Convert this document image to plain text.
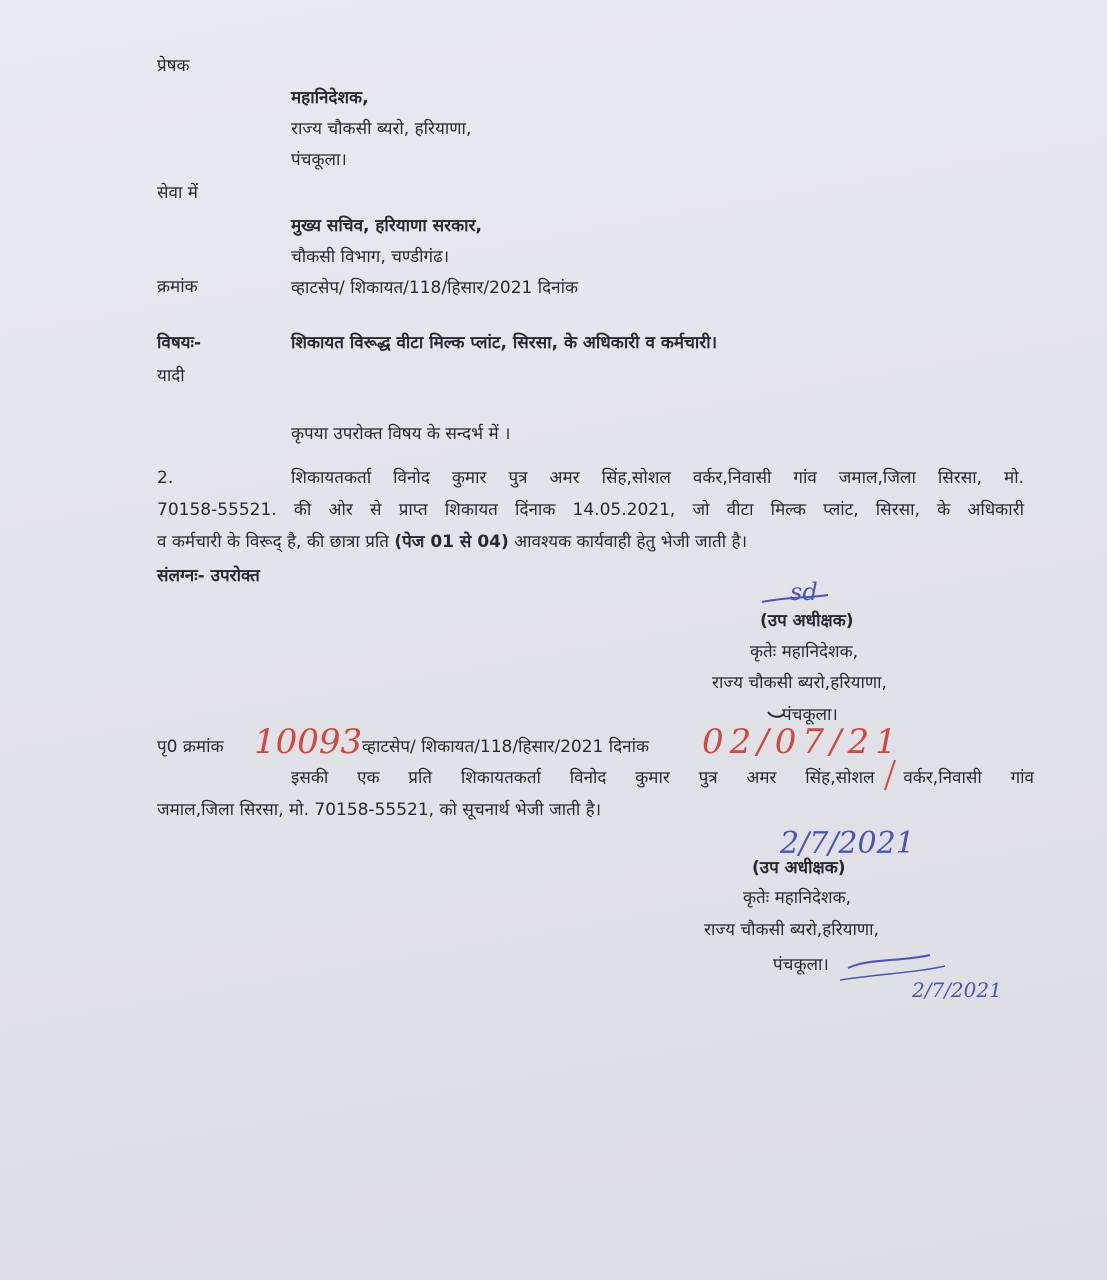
प्रेषक
महानिदेशक,
राज्य चौकसी ब्यरो, हरियाणा,
पंचकूला।
सेवा में
मुख्य सचिव, हरियाणा सरकार,
चौकसी विभाग, चण्डीगंढ।
क्रमांक	व्हाटसेप/ शिकायत/118/हिसार/2021 दिनांक
विषयः-	शिकायत विरूद्ध वीटा मिल्क प्लांट, सिरसा, के अधिकारी व कर्मचारी।
यादी
कृपया उपरोक्त विषय के सन्दर्भ में ।
2.	शिकायतकर्ता विनोद कुमार पुत्र अमर सिंह,सोशल वर्कर,निवासी गांव जमाल,जिला सिरसा, मो.
70158-55521. की ओर से प्राप्त शिकायत दिंनाक 14.05.2021, जो वीटा मिल्क प्लांट, सिरसा, के अधिकारी
व कर्मचारी के विरूद् है, की छात्रा प्रति (पेज 01 से 04) आवश्यक कार्यवाही हेतु भेजी जाती है।
संलग्नः- उपरोक्त
sd
(उप अधीक्षक)
कृतेः महानिदेशक,
राज्य चौकसी ब्यरो,हरियाणा,
पंचकूला।
पृ0 क्रमांक 10093 व्हाटसेप/ शिकायत/118/हिसार/2021 दिनांक 02/07/21
इसकी एक प्रति शिकायतकर्ता विनोद कुमार पुत्र अमर सिंह,सोशल वर्कर,निवासी गांव
जमाल,जिला सिरसा, मो. 70158-55521, को सूचनार्थ भेजी जाती है।
2/7/2021
(उप अधीक्षक)
कृतेः महानिदेशक,
राज्य चौकसी ब्यरो,हरियाणा,
पंचकूला।
2/7/2021
